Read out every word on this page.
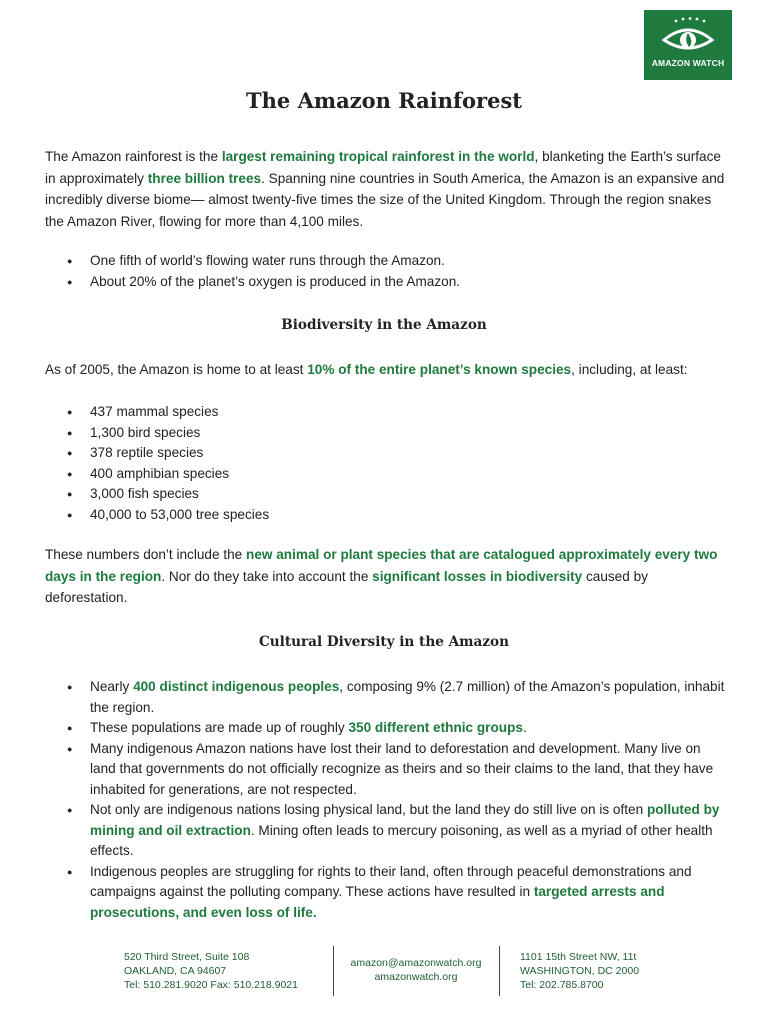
AMAZON WATCH
The Amazon Rainforest

The Amazon rainforest is the largest remaining tropical rainforest in the world, blanketing the Earth’s surface in approximately three billion trees. Spanning nine countries in South America, the Amazon is an expansive and incredibly diverse biome— almost twenty-five times the size of the United Kingdom. Through the region snakes the Amazon River, flowing for more than 4,100 miles.

● One fifth of world’s flowing water runs through the Amazon.
● About 20% of the planet’s oxygen is produced in the Amazon.
Biodiversity in the Amazon

As of 2005, the Amazon is home to at least 10% of the entire planet’s known species, including, at least:

● 437 mammal species
● 1,300 bird species
● 378 reptile species
● 400 amphibian species
● 3,000 fish species
● 40,000 to 53,000 tree species

These numbers don’t include the new animal or plant species that are catalogued approximately every two days in the region. Nor do they take into account the significant losses in biodiversity caused by deforestation.

Cultural Diversity in the Amazon
● Nearly 400 distinct indigenous peoples, composing 9% (2.7 million) of the Amazon’s population, inhabit the region.
● These populations are made up of roughly 350 different ethnic groups.
● Many indigenous Amazon nations have lost their land to deforestation and development. Many live on land that governments do not officially recognize as theirs and so their claims to the land, that they have inhabited for generations, are not respected.
● Not only are indigenous nations losing physical land, but the land they do still live on is often polluted by mining and oil extraction. Mining often leads to mercury poisoning, as well as a myriad of other health effects.
● Indigenous peoples are struggling for rights to their land, often through peaceful demonstrations and campaigns against the polluting company. These actions have resulted in targeted arrests and prosecutions, and even loss of life.
520 Third Street, Suite 108
OAKLAND, CA 94607
Tel: 510.281.9020 Fax: 510.218.9021
amazon@amazonwatch.org
amazonwatch.org
1101 15th Street NW, 11t
WASHINGTON, DC 2000
Tel: 202.785.8700
